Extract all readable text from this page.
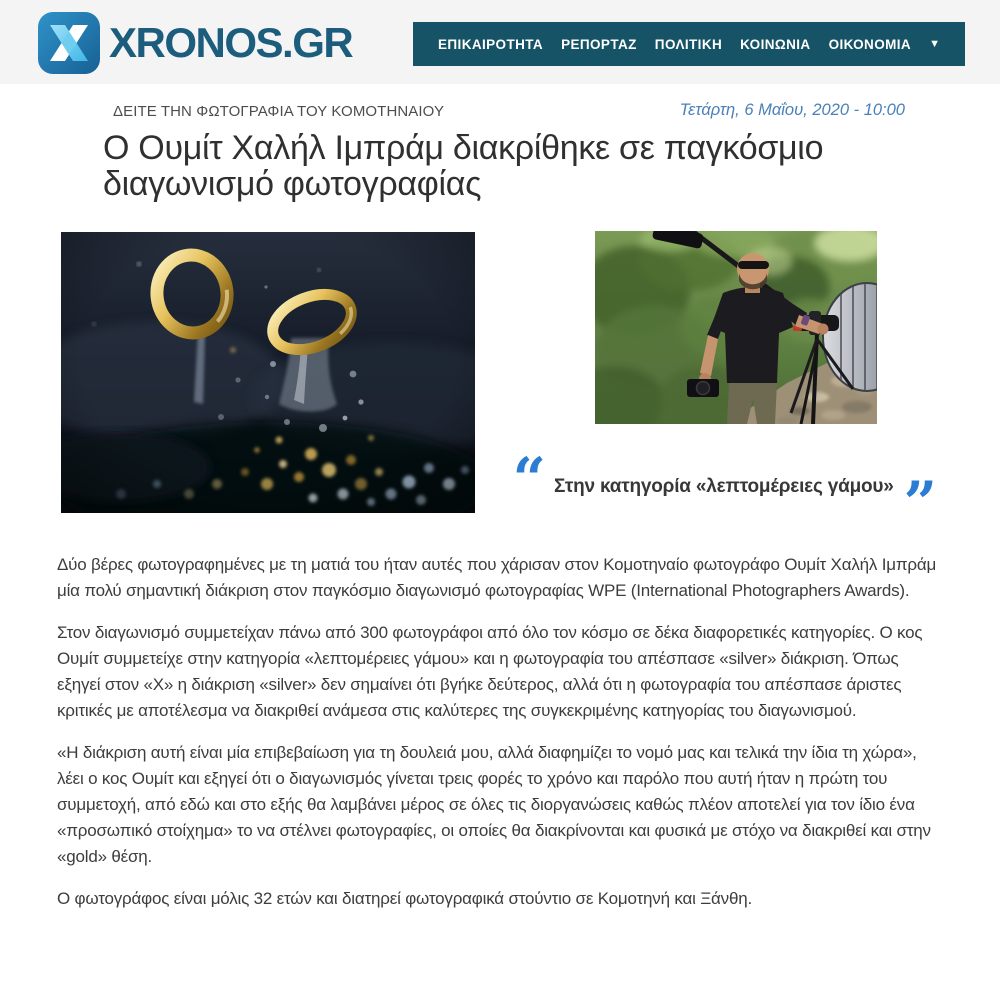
XRONOS.GR	ΕΠΙΚΑΙΡΟΤΗΤΑ ΡΕΠΟΡΤΑΖ ΠΟΛΙΤΙΚΗ ΚΟΙΝΩΝΙΑ ΟΙΚΟΝΟΜΙΑ ▼
ΔΕΙΤΕ ΤΗΝ ΦΩΤΟΓΡΑΦΙΑ ΤΟΥ ΚΟΜΟΤΗΝΑΙΟΥ	Τετάρτη, 6 Μαΐου, 2020 - 10:00
Ο Ουμίτ Χαλήλ Ιμπράμ διακρίθηκε σε παγκόσμιο διαγωνισμό φωτογραφίας
“ Στην κατηγορία «λεπτομέρειες γάμου» ”

Δύο βέρες φωτογραφημένες με τη ματιά του ήταν αυτές που χάρισαν στον Κομοτηναίο φωτογράφο Ουμίτ Χαλήλ Ιμπράμ μία πολύ σημαντική διάκριση στον παγκόσμιο διαγωνισμό φωτογραφίας WPE (International Photographers Awards).

Στον διαγωνισμό συμμετείχαν πάνω από 300 φωτογράφοι από όλο τον κόσμο σε δέκα διαφορετικές κατηγορίες. Ο κος Ουμίτ συμμετείχε στην κατηγορία «λεπτομέρειες γάμου» και η φωτογραφία του απέσπασε «silver» διάκριση. Όπως εξηγεί στον «Χ» η διάκριση «silver» δεν σημαίνει ότι βγήκε δεύτερος, αλλά ότι η φωτογραφία του απέσπασε άριστες κριτικές με αποτέλεσμα να διακριθεί ανάμεσα στις καλύτερες της συγκεκριμένης κατηγορίας του διαγωνισμού.

«Η διάκριση αυτή είναι μία επιβεβαίωση για τη δουλειά μου, αλλά διαφημίζει το νομό μας και τελικά την ίδια τη χώρα», λέει ο κος Ουμίτ και εξηγεί ότι ο διαγωνισμός γίνεται τρεις φορές το χρόνο και παρόλο που αυτή ήταν η πρώτη του συμμετοχή, από εδώ και στο εξής θα λαμβάνει μέρος σε όλες τις διοργανώσεις καθώς πλέον αποτελεί για τον ίδιο ένα «προσωπικό στοίχημα» το να στέλνει φωτογραφίες, οι οποίες θα διακρίνονται και φυσικά με στόχο να διακριθεί και στην «gold» θέση.

Ο φωτογράφος είναι μόλις 32 ετών και διατηρεί φωτογραφικά στούντιο σε Κομοτηνή και Ξάνθη.
